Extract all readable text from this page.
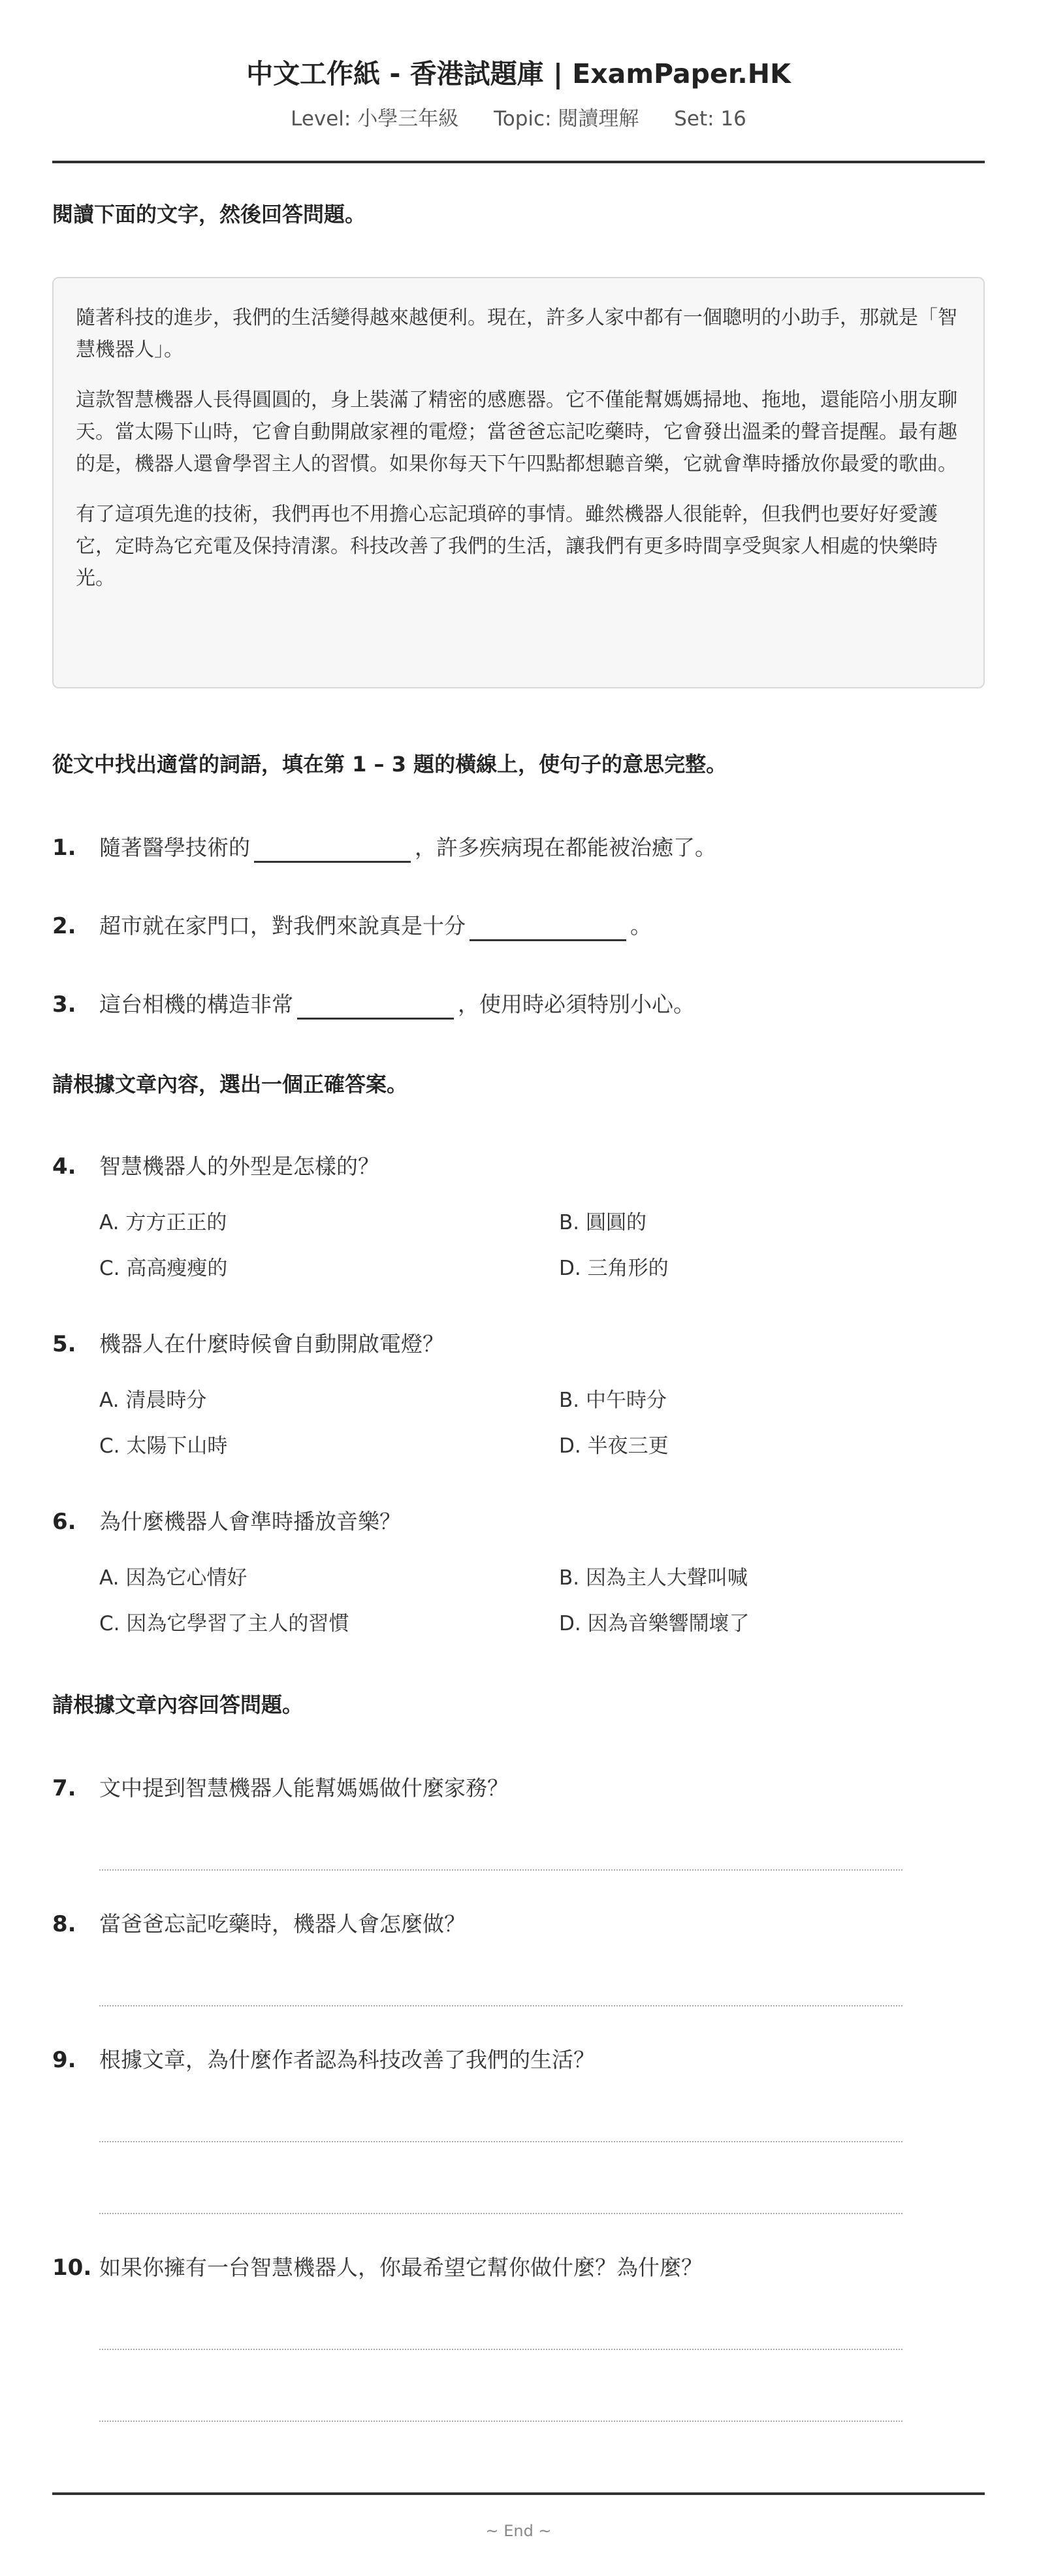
中文工作紙 - 香港試題庫 | ExamPaper.HK
Level: 小學三年級 Topic: 閱讀理解 Set: 16
閱讀下面的文字，然後回答問題。

隨著科技的進步，我們的生活變得越來越便利。現在，許多人家中都有一個聰明的小助手，那就是「智慧機器人」。

這款智慧機器人長得圓圓的，身上裝滿了精密的感應器。它不僅能幫媽媽掃地、拖地，還能陪小朋友聊天。當太陽下山時，它會自動開啟家裡的電燈；當爸爸忘記吃藥時，它會發出溫柔的聲音提醒。最有趣的是，機器人還會學習主人的習慣。如果你每天下午四點都想聽音樂，它就會準時播放你最愛的歌曲。

有了這項先進的技術，我們再也不用擔心忘記瑣碎的事情。雖然機器人很能幹，但我們也要好好愛護它，定時為它充電及保持清潔。科技改善了我們的生活，讓我們有更多時間享受與家人相處的快樂時光。

從文中找出適當的詞語，填在第 1 – 3 題的橫線上，使句子的意思完整。
1. 隨著醫學技術的	，許多疾病現在都能被治癒了。
2. 超市就在家門口，對我們來說真是十分	。
3. 這台相機的構造非常	，使用時必須特別小心。
請根據文章內容，選出一個正確答案。
4. 智慧機器人的外型是怎樣的？
A. 方方正正的	B. 圓圓的
C. 高高瘦瘦的	D. 三角形的
5. 機器人在什麼時候會自動開啟電燈？
A. 清晨時分	B. 中午時分
C. 太陽下山時	D. 半夜三更
6. 為什麼機器人會準時播放音樂？
A. 因為它心情好	B. 因為主人大聲叫喊
C. 因為它學習了主人的習慣	D. 因為音樂響鬧壞了
請根據文章內容回答問題。
7. 文中提到智慧機器人能幫媽媽做什麼家務？
8. 當爸爸忘記吃藥時，機器人會怎麼做？
9. 根據文章，為什麼作者認為科技改善了我們的生活？
10. 如果你擁有一台智慧機器人，你最希望它幫你做什麼？為什麼？
~ End ~
